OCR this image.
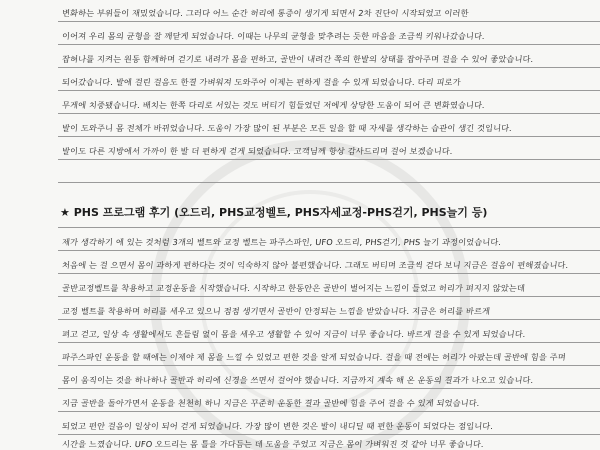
변화하는 부위들이 재밌었습니다. 그러다 어느 순간 허리에 통증이 생기게 되면서 2차 진단이 시작되었고 이러한
이어져 우리 몸의 균형을 잘 깨닫게 되었습니다. 이때는 나무의 균형을 맞추려는 듯한 마음을 조금씩 키워나갔습니다.
잡혀나를 지켜는 원동 함께하며 걷기로 내려가 몸을 편하고, 골반이 내려간 쪽의 한발의 상태를 잡아주며 걸을 수 있어 좋았습니다.
되어갔습니다. 발에 걸린 걸음도 한결 가벼워져 도와주어 이제는 편하게 걸을 수 있게 되었습니다. 다리 피로가
무게에 치중됐습니다. 배치는 한쪽 다리로 서있는 것도 버티기 힘들었던 저에게 상당한 도움이 되어 큰 변화였습니다.
발이 도와주니 몸 전체가 바뀌었습니다. 도움이 가장 많이 된 부분은 모든 일을 할 때 자세를 생각하는 습관이 생긴 것입니다.
발이도 다른 지방에서 가까이 한 발 더 편하게 걷게 되었습니다. 고객님께 항상 감사드리며 걸어 보겠습니다.
★ PHS 프로그램 후기 (오드리, PHS교정벨트, PHS자세교정-PHS걷기, PHS늘기 등)
제가 생각하기 에 있는 것처럼 3개의 벨트와 교정 벨트는 파주스파인, UFO 오드리, PHS걷기, PHS 늘기 과정이었습니다.
처음에 는 걸 으면서 몸이 과하게 편하다는 것이 익숙하지 않아 불편했습니다. 그래도 버티며 조금씩 걷다 보니 지금은 걸음이 편해졌습니다.
골반교정벨트를 착용하고 교정운동을 시작했습니다. 시작하고 한동안은 골반이 벌어지는 느낌이 들었고 허리가 펴지지 않았는데
교정 벨트를 착용하며 허리를 세우고 있으니 점점 생기면서 골반이 안정되는 느낌을 받았습니다. 지금은 허리를 바르게
펴고 걷고, 일상 속 생활에서도 흔들림 없이 몸을 세우고 생활할 수 있어 지금이 너무 좋습니다. 바르게 걸을 수 있게 되었습니다.
파주스파인 운동을 할 때에는 이제야 제 몸을 느낄 수 있었고 편한 것을 알게 되었습니다. 걸을 때 전에는 허리가 아팠는데 골반에 힘을 주며
몸이 움직이는 것을 하나하나 골반과 허리에 신경을 쓰면서 걸어야 했습니다. 지금까지 계속 해 온 운동의 결과가 나오고 있습니다.
지금 골반을 돌아가면서 운동을 천천히 하니 지금은 꾸준히 운동한 결과 골반에 힘을 주어 걸을 수 있게 되었습니다.
되었고 편안 걸음이 일상이 되어 걷게 되었습니다. 가장 많이 변한 것은 발이 내디딜 때 편한 운동이 되었다는 점입니다.
시간을 느꼈습니다. UFO 오드리는 몸 틀을 가다듬는 데 도움을 주었고 지금은 몸이 가벼워진 것 같아 너무 좋습니다.
